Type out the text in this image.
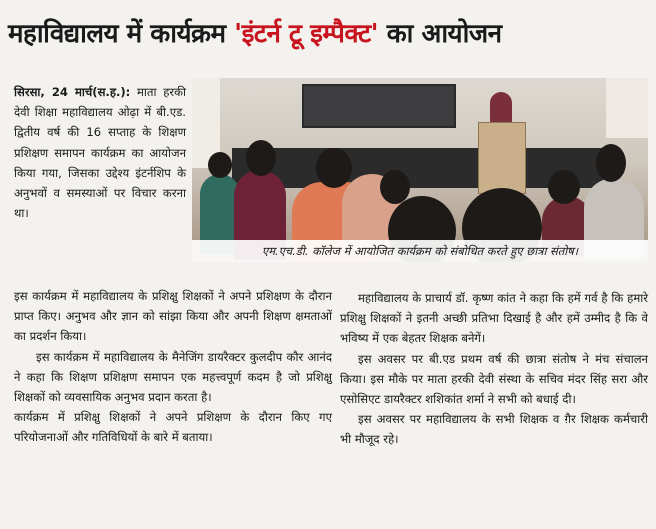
महाविद्यालय में कार्यक्रम 'इंटर्न टू इम्पैक्ट' का आयोजन

सिरसा, 24 मार्च(स.ह.): माता हरकी देवी शिक्षा महाविद्यालय ओढ़ा में बी.एड. द्वितीय वर्ष की 16 सप्ताह के शिक्षण प्रशिक्षण समापन कार्यक्रम का आयोजन किया गया, जिसका उद्देश्य इंटर्नशिप के अनुभवों व समस्याओं पर विचार करना था।

एम.एच.डी. कॉलेज में आयोजित कार्यक्रम को संबोधित करते हुए छात्रा संतोष।

इस कार्यक्रम में महाविद्यालय के प्रशिक्षु शिक्षकों ने अपने प्रशिक्षण के दौरान प्राप्त किए। अनुभव और ज्ञान को सांझा किया और अपनी शिक्षण क्षमताओं का प्रदर्शन किया।

इस कार्यक्रम में महाविद्यालय के मैनेजिंग डायरैक्टर कुलदीप कौर आनंद ने कहा कि शिक्षण प्रशिक्षण समापन एक महत्त्वपूर्ण कदम है जो प्रशिक्षु शिक्षकों को व्यवसायिक अनुभव प्रदान करता है।

कार्यक्रम में प्रशिक्षु शिक्षकों ने अपने प्रशिक्षण के दौरान किए गए परियोजनाओं और गतिविधियों के बारे में बताया।

महाविद्यालय के प्राचार्य डॉ. कृष्ण कांत ने कहा कि हमें गर्व है कि हमारे प्रशिक्षु शिक्षकों ने इतनी अच्छी प्रतिभा दिखाई है और हमें उम्मीद है कि वे भविष्य में एक बेहतर शिक्षक बनेगें।

इस अवसर पर बी.एड प्रथम वर्ष की छात्रा संतोष ने मंच संचालन किया। इस मौके पर माता हरकी देवी संस्था के सचिव मंदर सिंह सरा और एसोसिएट डायरैक्टर शशिकांत शर्मा ने सभी को बधाई दी।

इस अवसर पर महाविद्यालय के सभी शिक्षक व ग़ैर शिक्षक कर्मचारी भी मौजूद रहे।
